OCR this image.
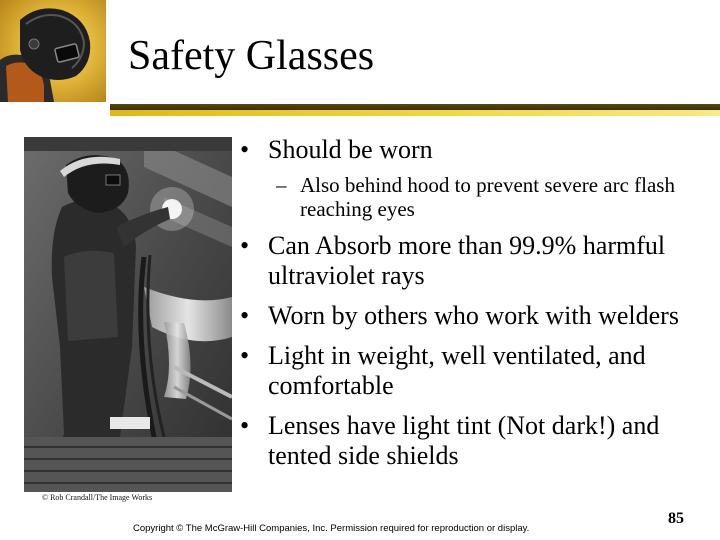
Safety Glasses
© Rob Crandall/The Image Works
• Should be worn
– Also behind hood to prevent severe arc flash reaching eyes
• Can Absorb more than 99.9% harmful ultraviolet rays
• Worn by others who work with welders
• Light in weight, well ventilated, and comfortable
• Lenses have light tint (Not dark!) and tented side shields
Copyright © The McGraw-Hill Companies, Inc. Permission required for reproduction or display.
85
